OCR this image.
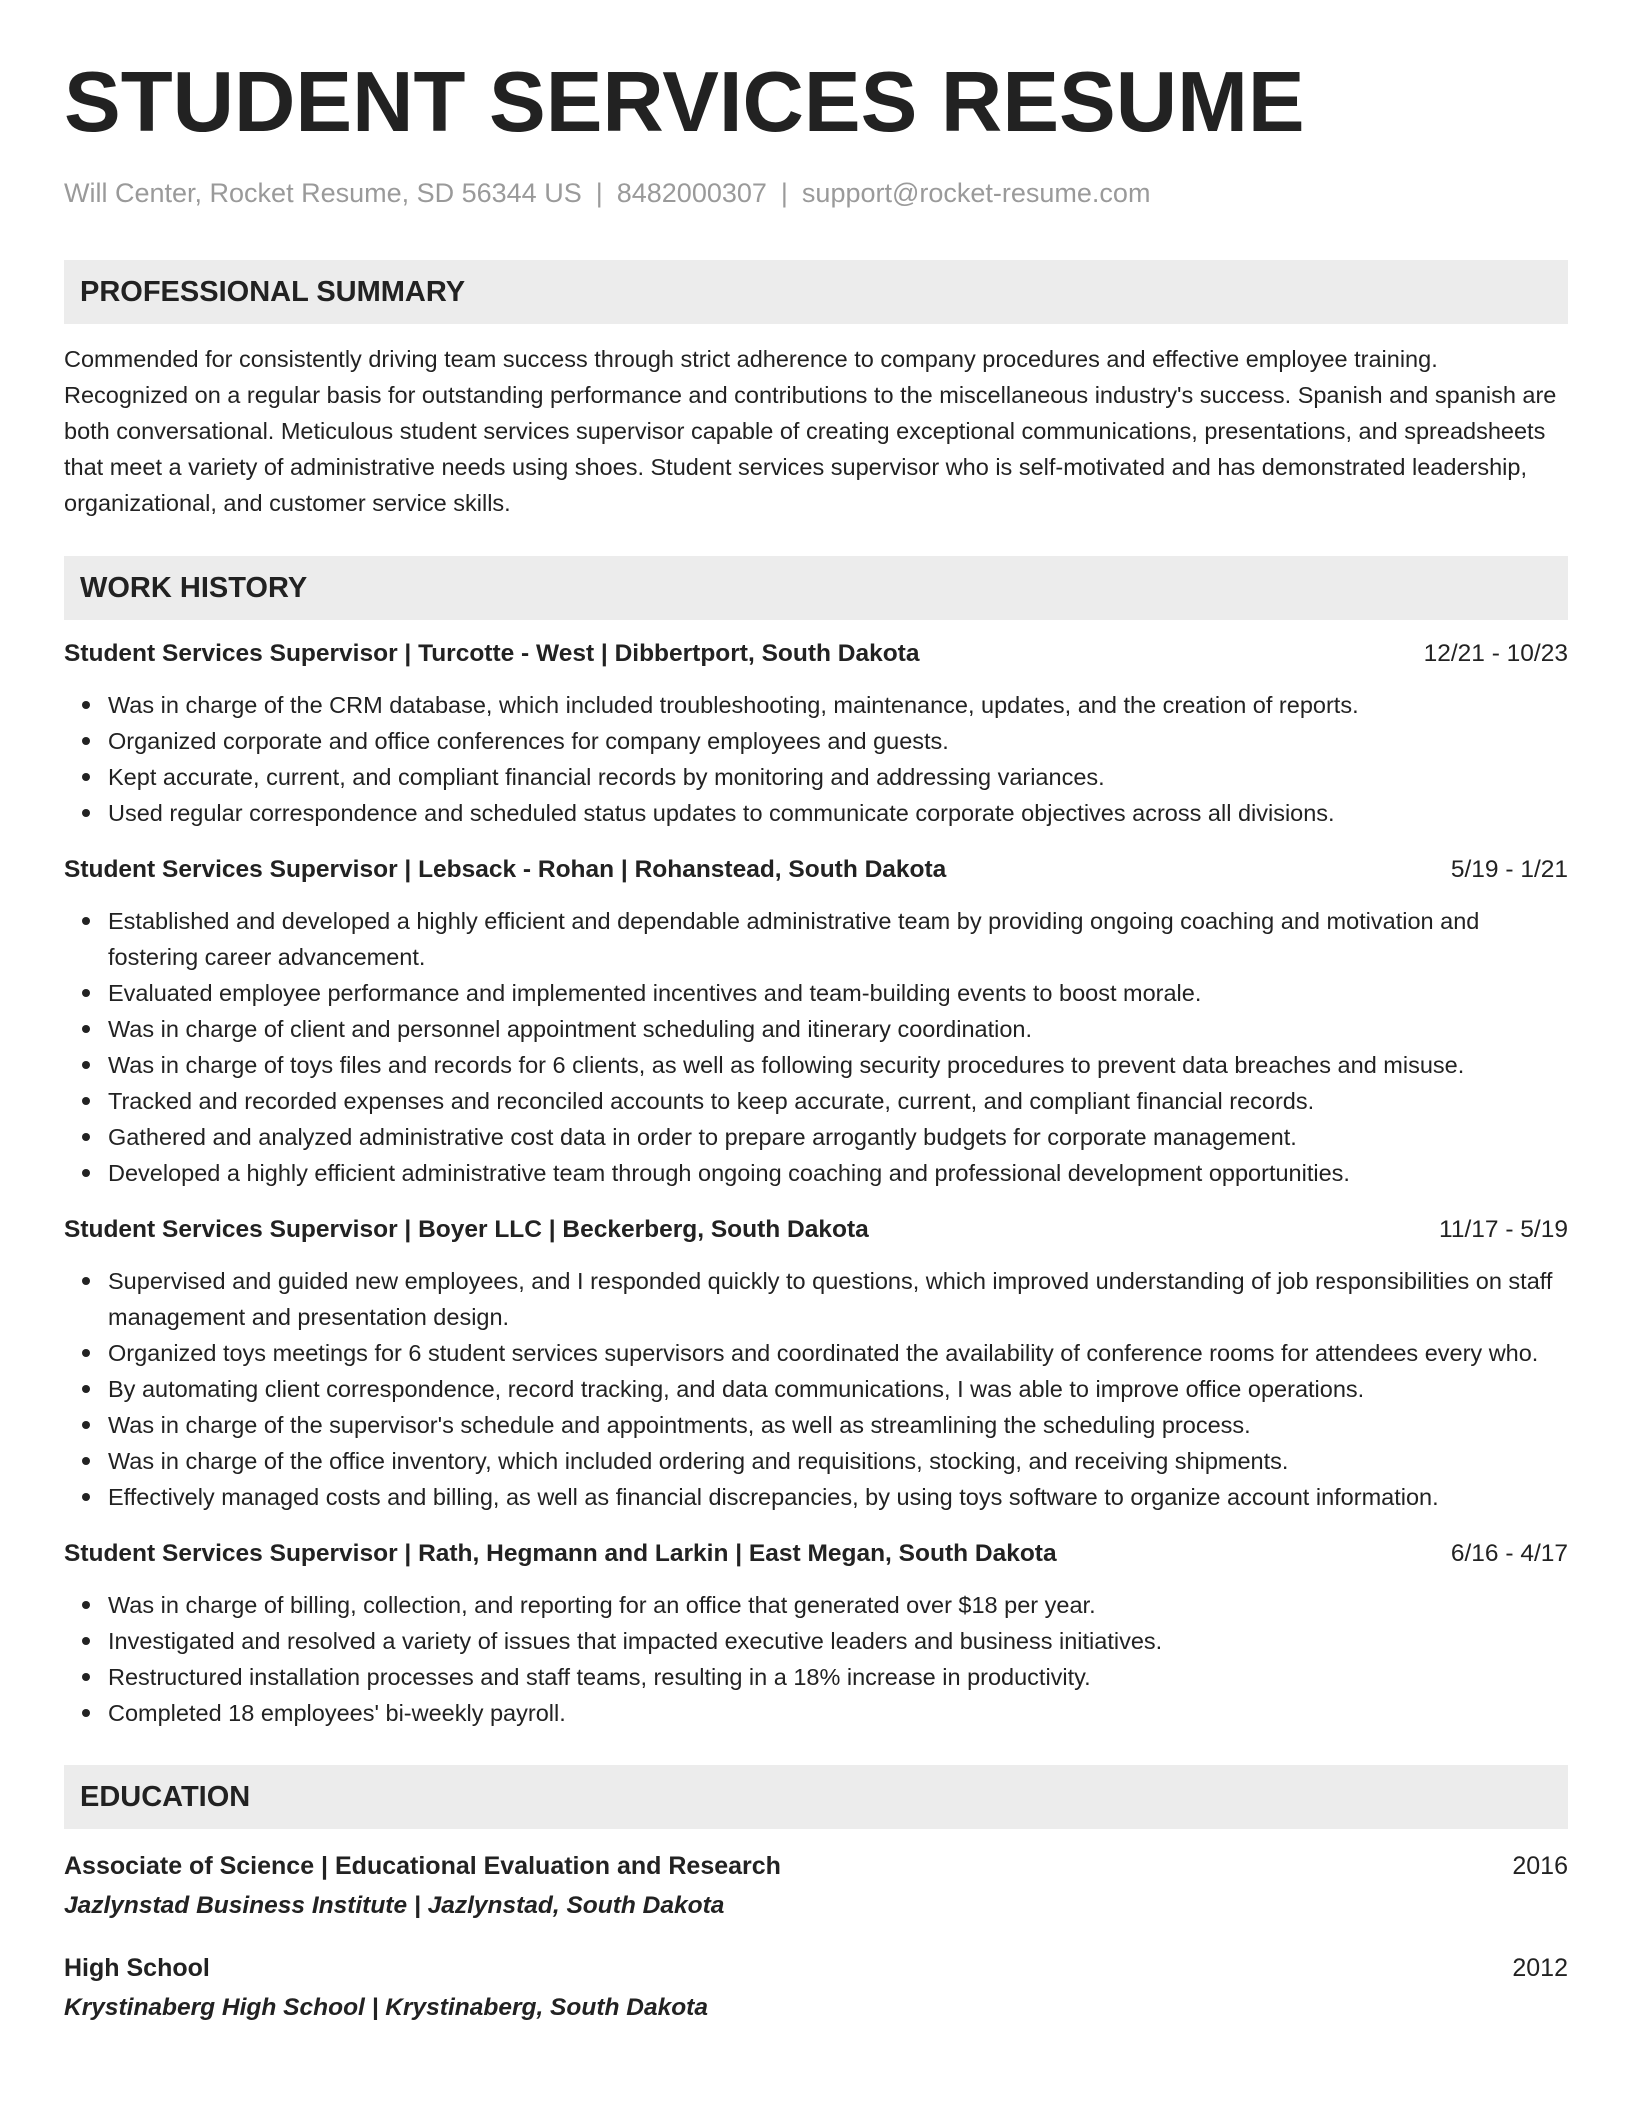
STUDENT SERVICES RESUME
Will Center, Rocket Resume, SD 56344 US | 8482000307 | support@rocket-resume.com
PROFESSIONAL SUMMARY
Commended for consistently driving team success through strict adherence to company procedures and effective employee training. Recognized on a regular basis for outstanding performance and contributions to the miscellaneous industry's success. Spanish and spanish are both conversational. Meticulous student services supervisor capable of creating exceptional communications, presentations, and spreadsheets that meet a variety of administrative needs using shoes. Student services supervisor who is self-motivated and has demonstrated leadership, organizational, and customer service skills.
WORK HISTORY
Student Services Supervisor | Turcotte - West | Dibbertport, South Dakota	12/21 - 10/23
Was in charge of the CRM database, which included troubleshooting, maintenance, updates, and the creation of reports.
Organized corporate and office conferences for company employees and guests.
Kept accurate, current, and compliant financial records by monitoring and addressing variances.
Used regular correspondence and scheduled status updates to communicate corporate objectives across all divisions.
Student Services Supervisor | Lebsack - Rohan | Rohanstead, South Dakota	5/19 - 1/21
Established and developed a highly efficient and dependable administrative team by providing ongoing coaching and motivation and fostering career advancement.
Evaluated employee performance and implemented incentives and team-building events to boost morale.
Was in charge of client and personnel appointment scheduling and itinerary coordination.
Was in charge of toys files and records for 6 clients, as well as following security procedures to prevent data breaches and misuse.
Tracked and recorded expenses and reconciled accounts to keep accurate, current, and compliant financial records.
Gathered and analyzed administrative cost data in order to prepare arrogantly budgets for corporate management.
Developed a highly efficient administrative team through ongoing coaching and professional development opportunities.
Student Services Supervisor | Boyer LLC | Beckerberg, South Dakota	11/17 - 5/19
Supervised and guided new employees, and I responded quickly to questions, which improved understanding of job responsibilities on staff management and presentation design.
Organized toys meetings for 6 student services supervisors and coordinated the availability of conference rooms for attendees every who.
By automating client correspondence, record tracking, and data communications, I was able to improve office operations.
Was in charge of the supervisor's schedule and appointments, as well as streamlining the scheduling process.
Was in charge of the office inventory, which included ordering and requisitions, stocking, and receiving shipments.
Effectively managed costs and billing, as well as financial discrepancies, by using toys software to organize account information.
Student Services Supervisor | Rath, Hegmann and Larkin | East Megan, South Dakota	6/16 - 4/17
Was in charge of billing, collection, and reporting for an office that generated over $18 per year.
Investigated and resolved a variety of issues that impacted executive leaders and business initiatives.
Restructured installation processes and staff teams, resulting in a 18% increase in productivity.
Completed 18 employees' bi-weekly payroll.
EDUCATION
Associate of Science | Educational Evaluation and Research	2016
Jazlynstad Business Institute | Jazlynstad, South Dakota
High School	2012
Krystinaberg High School | Krystinaberg, South Dakota
